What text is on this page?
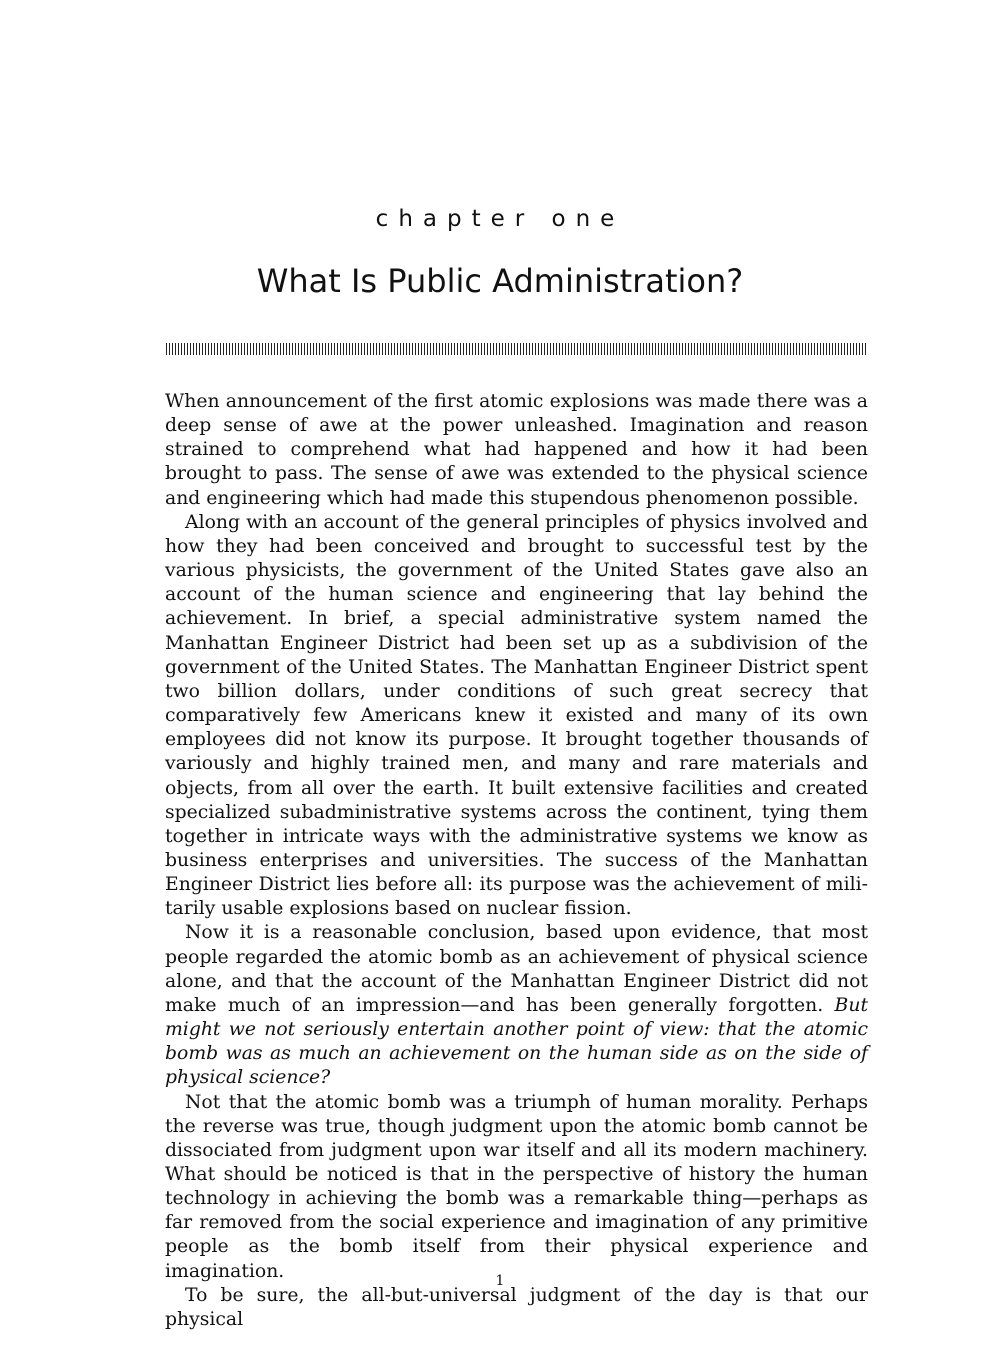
chapter one
What Is Public Administration?

When announcement of the first atomic explosions was made there was a deep sense of awe at the power unleashed. Imagination and reason strained to comprehend what had happened and how it had been brought to pass. The sense of awe was extended to the physical science and engineering which had made this stupendous phenomenon possible.

Along with an account of the general principles of physics involved and how they had been conceived and brought to successful test by the various physicists, the government of the United States gave also an account of the human science and engineering that lay behind the achievement. In brief, a special administrative system named the Manhattan Engineer District had been set up as a subdivision of the government of the United States. The Manhattan Engineer District spent two billion dollars, under conditions of such great secrecy that comparatively few Americans knew it existed and many of its own employees did not know its purpose. It brought together thousands of variously and highly trained men, and many and rare materials and objects, from all over the earth. It built extensive facilities and created specialized subadministrative systems across the continent, tying them together in intricate ways with the administrative systems we know as business enterprises and universities. The success of the Manhattan Engineer District lies before all: its purpose was the achievement of militarily usable explosions based on nuclear fission.

Now it is a reasonable conclusion, based upon evidence, that most people regarded the atomic bomb as an achievement of physical science alone, and that the account of the Manhattan Engineer District did not make much of an impression—and has been generally forgotten. But might we not seriously entertain another point of view: that the atomic bomb was as much an achievement on the human side as on the side of physical science?

Not that the atomic bomb was a triumph of human morality. Perhaps the reverse was true, though judgment upon the atomic bomb cannot be dissociated from judgment upon war itself and all its modern machinery. What should be noticed is that in the perspective of history the human technology in achieving the bomb was a remarkable thing—perhaps as far removed from the social experience and imagination of any primitive people as the bomb itself from their physical experience and imagination.

To be sure, the all-but-universal judgment of the day is that our physical

1
